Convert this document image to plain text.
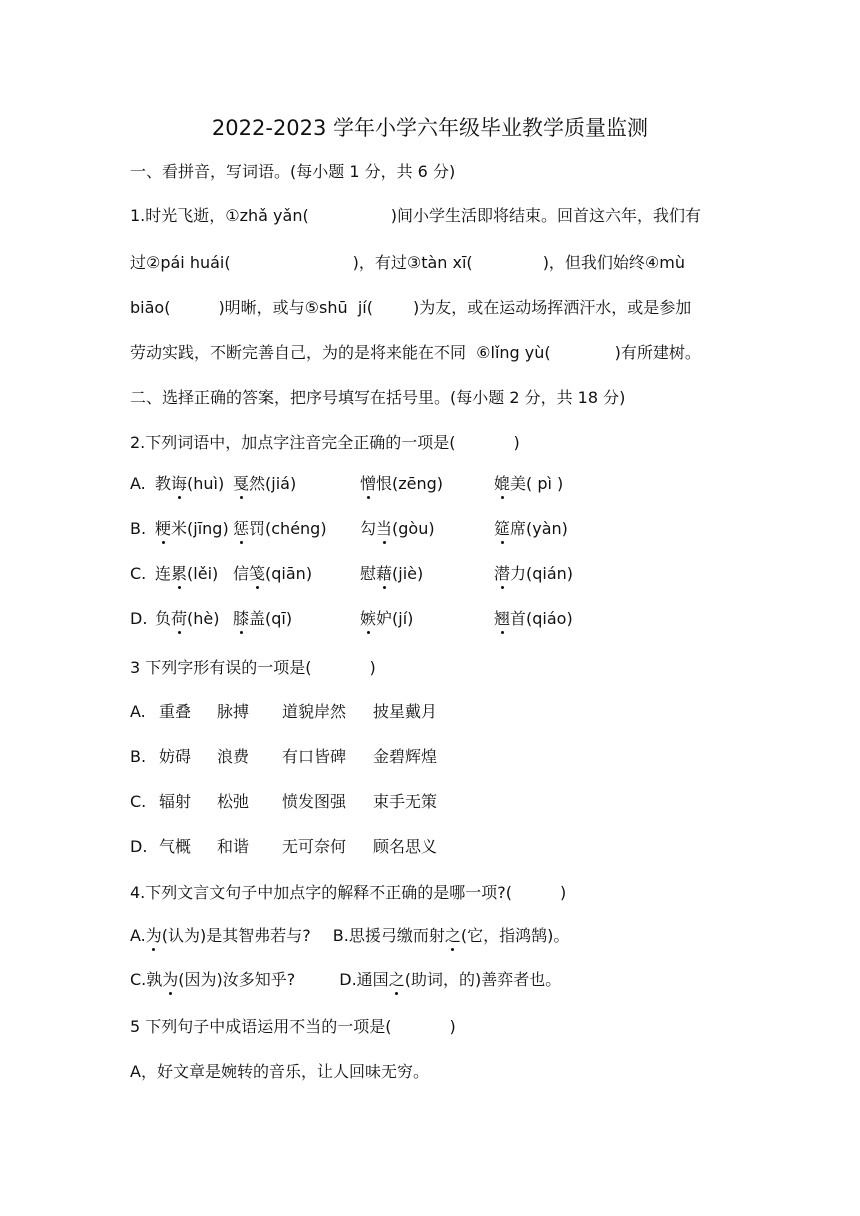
2022-2023 学年小学六年级毕业教学质量监测
一、看拼音，写词语。(每小题 1 分，共 6 分)
1.时光飞逝，①zhǎ yǎn(	)间小学生活即将结束。回首这六年，我们有
过②pái huái(	)，有过③tàn xī(	)，但我们始终④mù
biāo(	)明晰，或与⑤shū  jí(	)为友，或在运动场挥洒汗水，或是参加
劳动实践，不断完善自己，为的是将来能在不同  ⑥lǐng yù(	)有所建树。
二、选择正确的答案，把序号填写在括号里。(每小题 2 分，共 18 分)
2.下列词语中，加点字注音完全正确的一项是(	)
A. 教诲(huì) 戛然(jiá)	憎恨(zēng)	媲美( pì )
B. 粳米(jīng) 惩罚(chéng) 勾当(gòu)	筵席(yàn)
C. 连累(lěi) 信笺(qiān)	慰藉(jiè)	潜力(qián)
D. 负荷(hè) 膝盖(qī)	嫉妒(jí)	翘首(qiáo)
3 下列字形有误的一项是(	)
A. 重叠 脉搏 道貌岸然 披星戴月
B. 妨碍 浪费 有口皆碑 金碧辉煌
C. 辐射 松弛 愤发图强 束手无策
D. 气概 和谐 无可奈何 顾名思义
4.下列文言文句子中加点字的解释不正确的是哪一项?(	)
A.为(认为)是其智弗若与? B.思援弓缴而射之(它，指鸿鹄)。
C.孰为(因为)汝多知乎?	D.通国之(助词，的)善弈者也。
5 下列句子中成语运用不当的一项是(	)
A，好文章是婉转的音乐，让人回味无穷。
